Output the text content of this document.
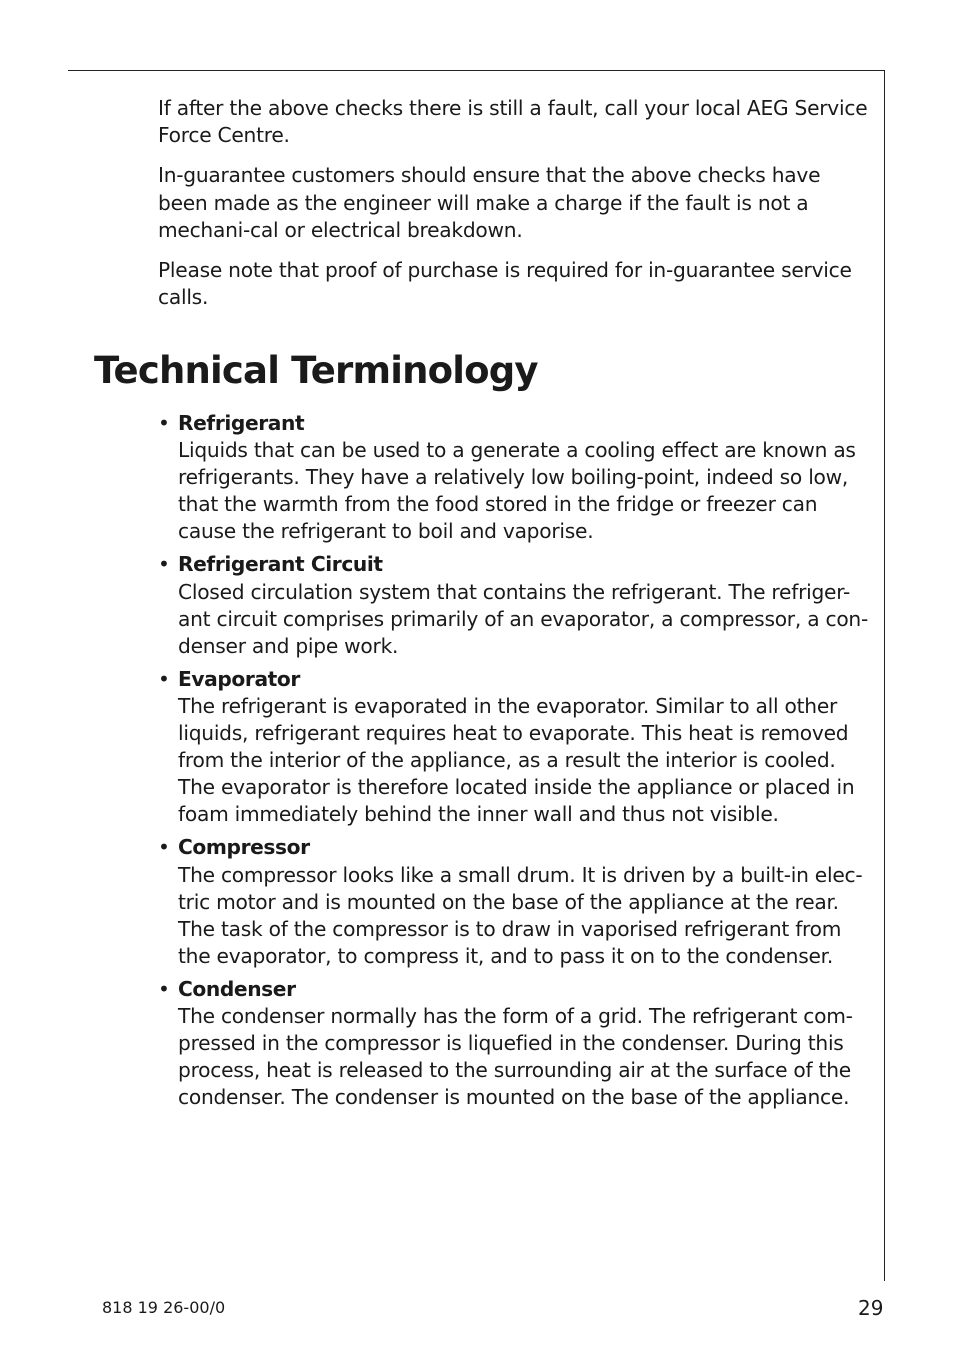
If after the above checks there is still a fault, call your local AEG Service Force Centre.

In-guarantee customers should ensure that the above checks have been made as the engineer will make a charge if the fault is not a mechani-cal or electrical breakdown.

Please note that proof of purchase is required for in-guarantee service calls.

Technical Terminology
• Refrigerant
Liquids that can be used to a generate a cooling effect are known as refrigerants. They have a relatively low boiling-point, indeed so low, that the warmth from the food stored in the fridge or freezer can cause the refrigerant to boil and vaporise.
• Refrigerant Circuit
Closed circulation system that contains the refrigerant. The refriger-ant circuit comprises primarily of an evaporator, a compressor, a con-denser and pipe work.
• Evaporator
The refrigerant is evaporated in the evaporator. Similar to all other liquids, refrigerant requires heat to evaporate. This heat is removed from the interior of the appliance, as a result the interior is cooled. The evaporator is therefore located inside the appliance or placed in foam immediately behind the inner wall and thus not visible.
• Compressor
The compressor looks like a small drum. It is driven by a built-in elec-tric motor and is mounted on the base of the appliance at the rear. The task of the compressor is to draw in vaporised refrigerant from the evaporator, to compress it, and to pass it on to the condenser.
• Condenser
The condenser normally has the form of a grid. The refrigerant com-pressed in the compressor is liquefied in the condenser. During this process, heat is released to the surrounding air at the surface of the condenser. The condenser is mounted on the base of the appliance.
818 19 26-00/0	29
